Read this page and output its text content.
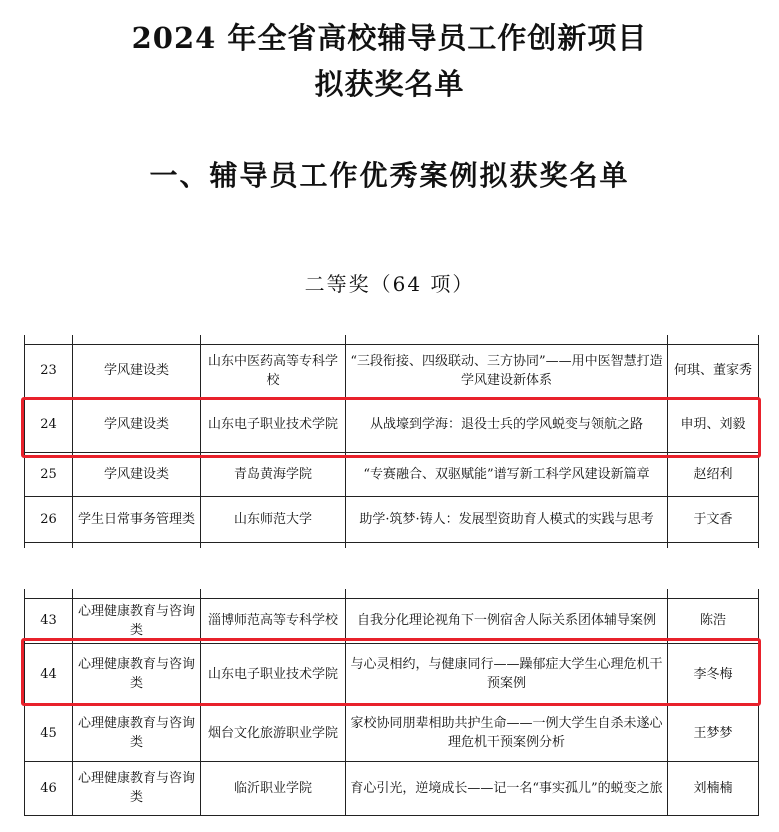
2024 年全省高校辅导员工作创新项目
拟获奖名单
一、辅导员工作优秀案例拟获奖名单
二等奖（64 项）

23	学风建设类	山东中医药高等专科学校	“三段衔接、四级联动、三方协同”——用中医智慧打造学风建设新体系	何琪、董家秀
24	学风建设类	山东电子职业技术学院	从战壕到学海：退役士兵的学风蜕变与领航之路	申玥、刘毅
25	学风建设类	青岛黄海学院	“专赛融合、双驱赋能”谱写新工科学风建设新篇章	赵绍利
26	学生日常事务管理类	山东师范大学	助学·筑梦·铸人：发展型资助育人模式的实践与思考	于文香

43	心理健康教育与咨询类	淄博师范高等专科学校	自我分化理论视角下一例宿舍人际关系团体辅导案例	陈浩
44	心理健康教育与咨询类	山东电子职业技术学院	与心灵相约，与健康同行——躁郁症大学生心理危机干预案例	李冬梅
45	心理健康教育与咨询类	烟台文化旅游职业学院	家校协同朋辈相助共护生命——一例大学生自杀未遂心理危机干预案例分析	王梦梦
46	心理健康教育与咨询类	临沂职业学院	育心引光，逆境成长——记一名“事实孤儿”的蜕变之旅	刘楠楠
